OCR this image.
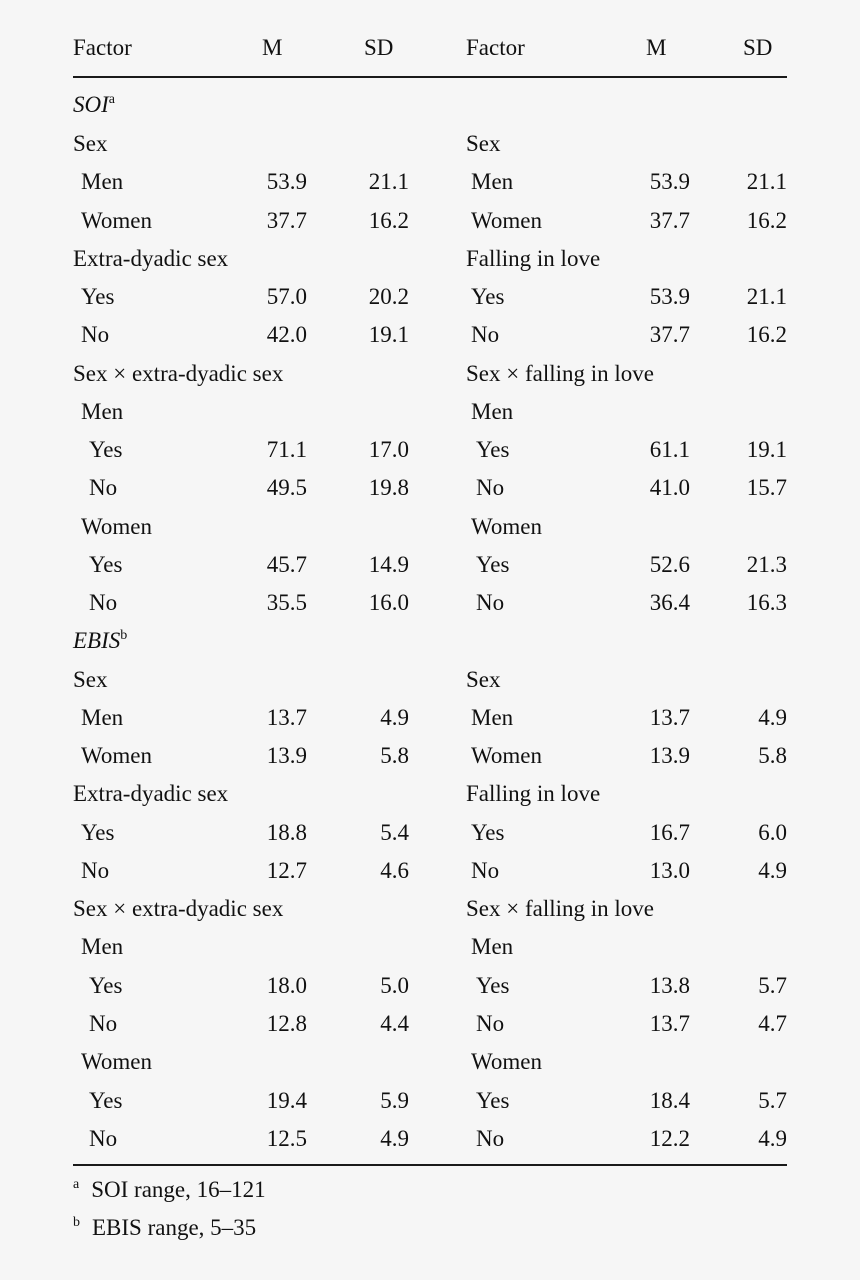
Factor	M	SD	Factor	M	SD
SOI$^a$
Sex	Sex
Men	53.9	21.1	Men	53.9 21.1
Women	37.7	16.2	Women	37.7 16.2
Extra-dyadic sex	Falling in love
Yes	57.0	20.2	Yes	53.9 21.1
No	42.0	19.1	No	37.7 16.2
Sex × extra-dyadic sex	Sex × falling in love
Men	Men
Yes	71.1	17.0	Yes	61.1 19.1
No	49.5	19.8	No	41.0 15.7
Women	Women
Yes	45.7	14.9	Yes	52.6 21.3
No	35.5	16.0	No	36.4 16.3
EBIS$^b$
Sex	Sex
Men	13.7	4.9	Men	13.7	4.9
Women	13.9	5.8	Women	13.9	5.8
Extra-dyadic sex	Falling in love
Yes	18.8	5.4	Yes	16.7	6.0
No	12.7	4.6	No	13.0	4.9
Sex × extra-dyadic sex	Sex × falling in love
Men	Men
Yes	18.0	5.0	Yes	13.8	5.7
No	12.8	4.4	No	13.7	4.7
Women	Women
Yes	19.4	5.9	Yes	18.4	5.7
No	12.5	4.9	No	12.2	4.9
$^a$ SOI range, 16–121
$^b$ EBIS range, 5–35
